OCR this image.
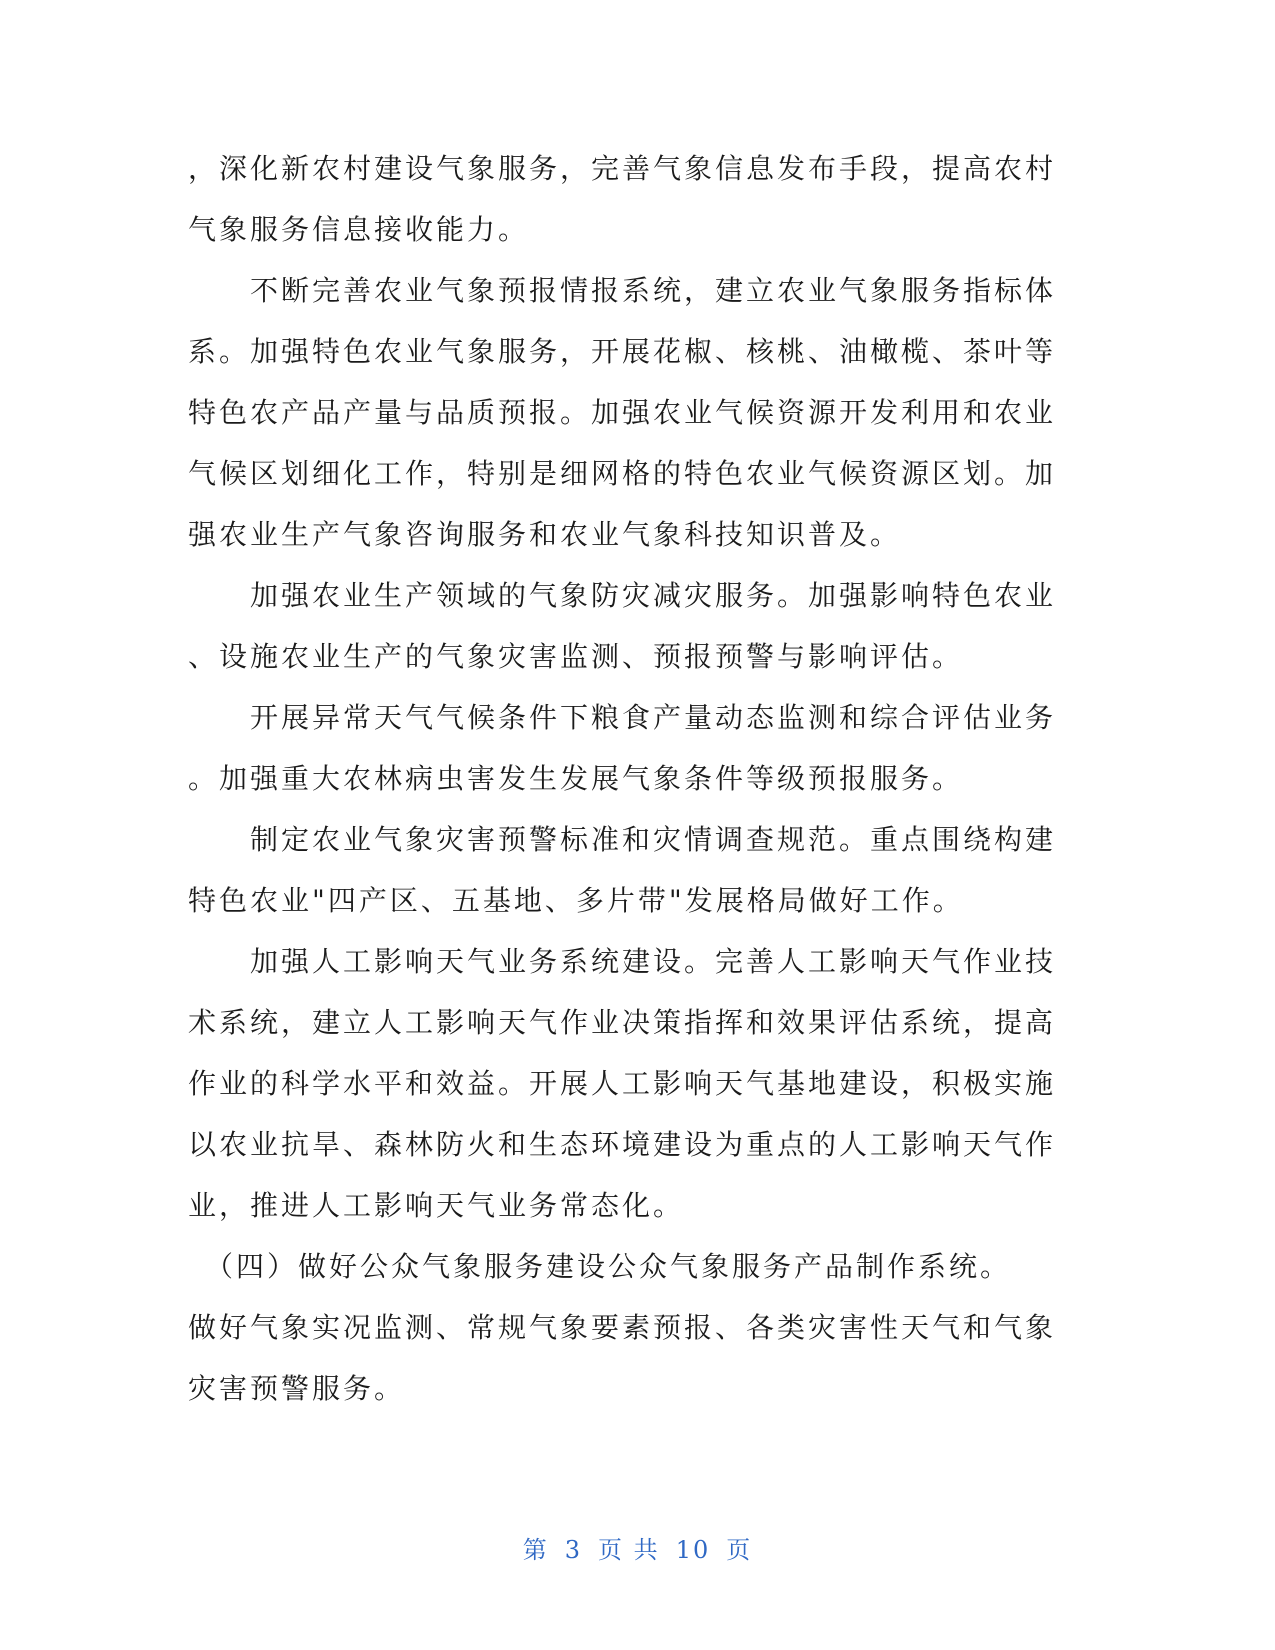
，深化新农村建设气象服务，完善气象信息发布手段，提高农村
气象服务信息接收能力。
　　不断完善农业气象预报情报系统，建立农业气象服务指标体
系。加强特色农业气象服务，开展花椒、核桃、油橄榄、茶叶等
特色农产品产量与品质预报。加强农业气候资源开发利用和农业
气候区划细化工作，特别是细网格的特色农业气候资源区划。加
强农业生产气象咨询服务和农业气象科技知识普及。
　　加强农业生产领域的气象防灾减灾服务。加强影响特色农业
、设施农业生产的气象灾害监测、预报预警与影响评估。
　　开展异常天气气候条件下粮食产量动态监测和综合评估业务
。加强重大农林病虫害发生发展气象条件等级预报服务。
　　制定农业气象灾害预警标准和灾情调查规范。重点围绕构建
特色农业"四产区、五基地、多片带"发展格局做好工作。
　　加强人工影响天气业务系统建设。完善人工影响天气作业技
术系统，建立人工影响天气作业决策指挥和效果评估系统，提高
作业的科学水平和效益。开展人工影响天气基地建设，积极实施
以农业抗旱、森林防火和生态环境建设为重点的人工影响天气作
业，推进人工影响天气业务常态化。
　（四）做好公众气象服务建设公众气象服务产品制作系统。
做好气象实况监测、常规气象要素预报、各类灾害性天气和气象
灾害预警服务。
第 3 页 共 10 页
